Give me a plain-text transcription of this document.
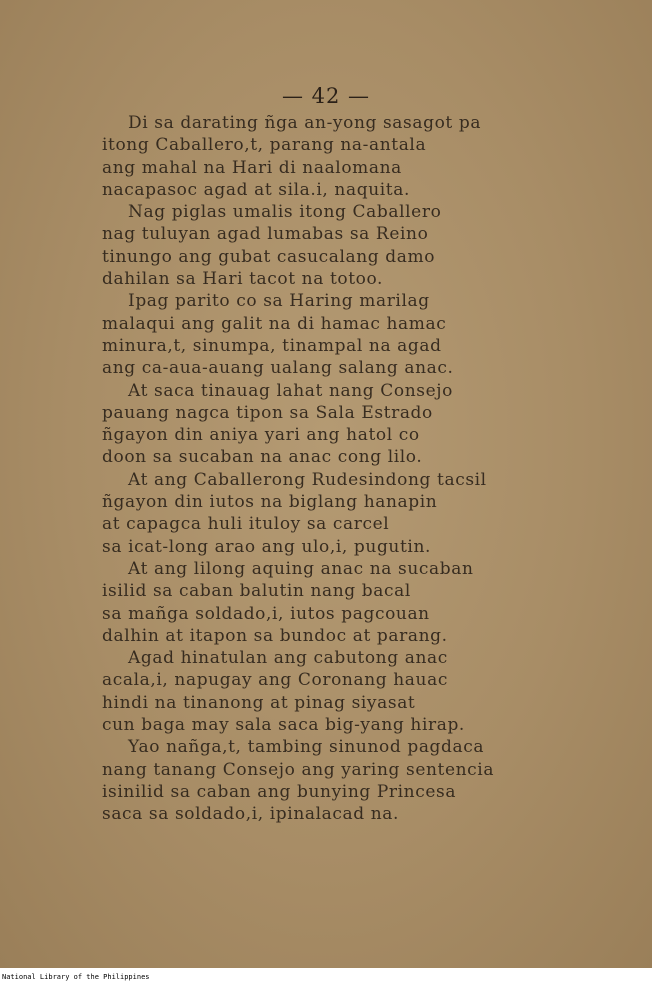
— 42 —
Di sa darating ñga an-yong sasagot pa
itong Caballero,t, parang na-antala
ang mahal na Hari di naalomana
nacapasoc agad at sila.i, naquita.
Nag piglas umalis itong Caballero
nag tuluyan agad lumabas sa Reino
tinungo ang gubat casucalang damo
dahilan sa Hari tacot na totoo.
Ipag parito co sa Haring marilag
malaqui ang galit na di hamac hamac
minura,t, sinumpa, tinampal na agad
ang ca-aua-auang ualang salang anac.
At saca tinauag lahat nang Consejo
pauang nagca tipon sa Sala Estrado
ñgayon din aniya yari ang hatol co
doon sa sucaban na anac cong lilo.
At ang Caballerong Rudesindong tacsil
ñgayon din iutos na biglang hanapin
at capagca huli ituloy sa carcel
sa icat-long arao ang ulo,i, pugutin.
At ang lilong aquing anac na sucaban
isilid sa caban balutin nang bacal
sa mañga soldado,i, iutos pagcouan
dalhin at itapon sa bundoc at parang.
Agad hinatulan ang cabutong anac
acala,i, napugay ang Coronang hauac
hindi na tinanong at pinag siyasat
cun baga may sala saca big-yang hirap.
Yao nañga,t, tambing sinunod pagdaca
nang tanang Consejo ang yaring sentencia
isinilid sa caban ang bunying Princesa
saca sa soldado,i, ipinalacad na.
National Library of the Philippines
